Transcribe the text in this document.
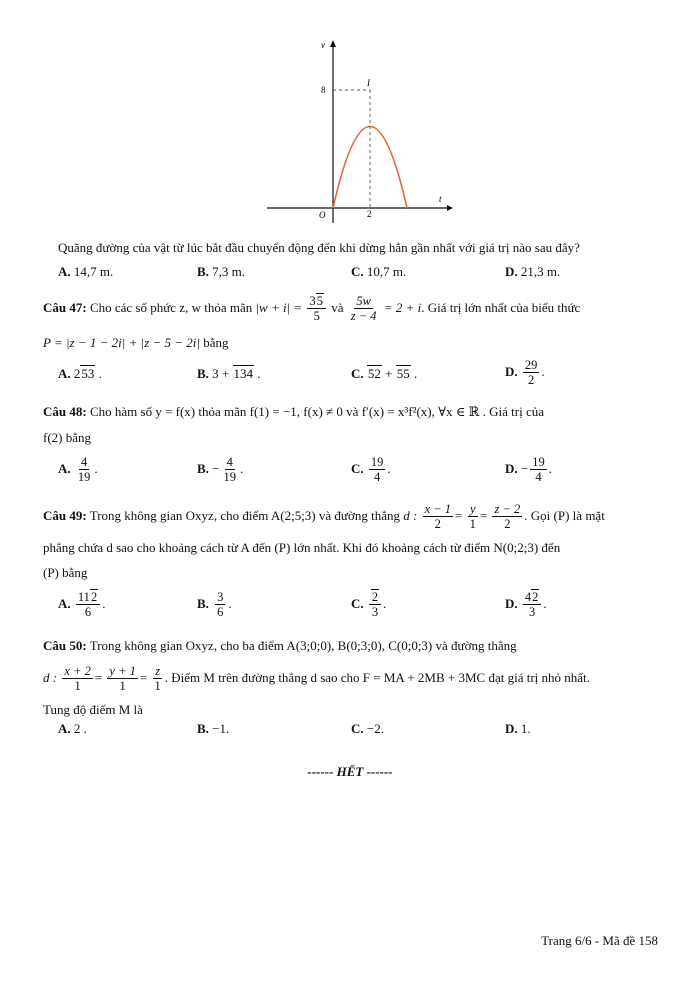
v
t
O
I
8
2
Quãng đường của vật từ lúc bắt đầu chuyển động đến khi dừng hẳn gần nhất với giá trị nào sau đây?
A. 14,7 m.	B. 7,3 m.	C. 10,7 m.	D. 21,3 m.
Câu 47: Cho các số phức z, w thỏa mãn $|w + i| = \frac{35}{5}$ và $\frac{5w}{z - 4} = 2 + i$. Giá trị lớn nhất của biểu thức
P = |z − 1 − 2i| + |z − 5 − 2i| bằng
A. 253 .	B. 3 + 134 .	C. 52 + 55 .	D. $\frac{29}{2}$ .
Câu 48: Cho hàm số y = f(x) thỏa mãn f(1) = −1, f(x) ≠ 0 và f′(x) = x³f²(x), ∀x ∈ ℝ . Giá trị của
f(2) bằng
A. $\frac{4}{19}$ .	B. − $\frac{4}{19}$ .	C. $\frac{19}{4}$ .	D. − $\frac{19}{4}$ .
Câu 49: Trong không gian Oxyz, cho điểm A(2;5;3) và đường thẳng d : $\frac{x - 1}{2} = \frac{y}{1} = \frac{z - 2}{2}$ . Gọi (P) là mặt
phẳng chứa d sao cho khoảng cách từ A đến (P) lớn nhất. Khi đó khoảng cách từ điểm N(0;2;3) đến
(P) bằng
A. $\frac{112}{6}$ .	B. $\frac{3}{6}$ .	C. $\frac{2}{3}$ .	D. $\frac{42}{3}$ .
Câu 50: Trong không gian Oxyz, cho ba điểm A(3;0;0), B(0;3;0), C(0;0;3) và đường thẳng
d : $\frac{x + 2}{1} = \frac{y + 1}{1} = \frac{z}{1}$ . Điểm M trên đường thẳng d sao cho F = MA + 2MB + 3MC đạt giá trị nhỏ nhất.
Tung độ điểm M là
A. 2 .	B. −1.	C. −2.	D. 1.
------ HẾT ------
Trang 6/6 - Mã đề 158
